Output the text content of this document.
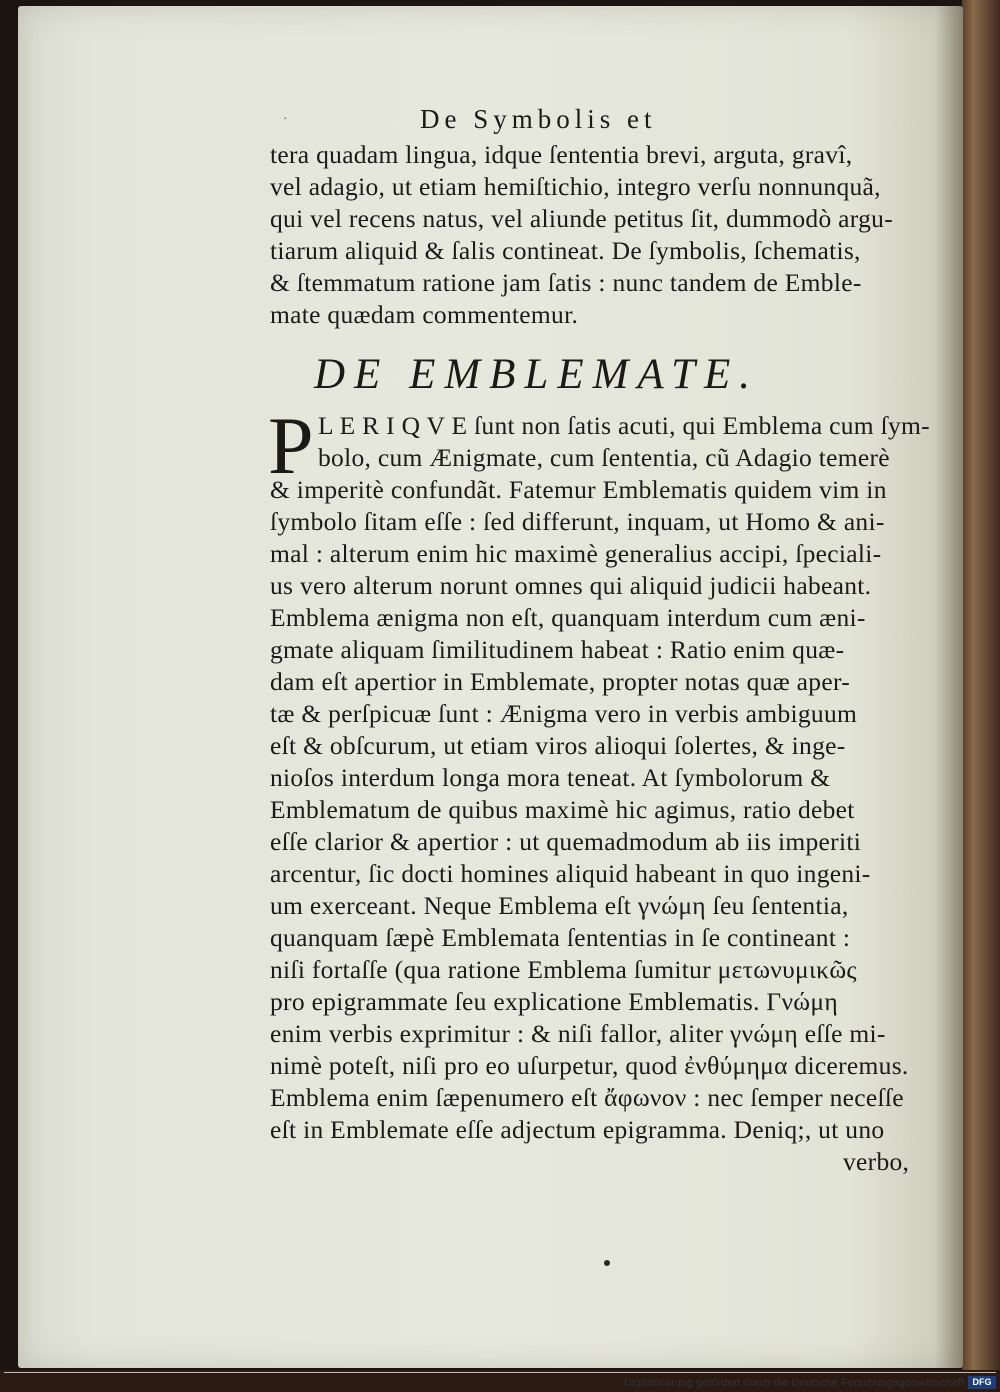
·	De Symbolis et
tera quadam lingua, idque ſententia brevi, arguta, gravî,
vel adagio, ut etiam hemiſtichio, integro verſu nonnunquã,
qui vel recens natus, vel aliunde petitus ſit, dummodò argu-
tiarum aliquid & ſalis contineat. De ſymbolis, ſchematis,
& ſtemmatum ratione jam ſatis : nunc tandem de Emble-
mate quædam commentemur.
DE EMBLEMATE.
P L E R I Q V E ſunt non ſatis acuti, qui Emblema cum ſym-
bolo, cum Ænigmate, cum ſententia, cũ Adagio temerè
& imperitè confundãt. Fatemur Emblematis quidem vim in
ſymbolo ſitam eſſe : ſed differunt, inquam, ut Homo & ani-
mal : alterum enim hic maximè generalius accipi, ſpeciali-
us vero alterum norunt omnes qui aliquid judicii habeant.
Emblema ænigma non eſt, quanquam interdum cum æni-
gmate aliquam ſimilitudinem habeat : Ratio enim quæ-
dam eſt apertior in Emblemate, propter notas quæ aper-
tæ & perſpicuæ ſunt : Ænigma vero in verbis ambiguum
eſt & obſcurum, ut etiam viros alioqui ſolertes, & inge-
nioſos interdum longa mora teneat. At ſymbolorum &
Emblematum de quibus maximè hic agimus, ratio debet
eſſe clarior & apertior : ut quemadmodum ab iis imperiti
arcentur, ſic docti homines aliquid habeant in quo ingeni-
um exerceant. Neque Emblema eſt γνώμη ſeu ſententia,
quanquam ſæpè Emblemata ſententias in ſe contineant :
niſi fortaſſe (qua ratione Emblema ſumitur μετωνυμικῶς
pro epigrammate ſeu explicatione Emblematis. Γνώμη
enim verbis exprimitur : & niſi fallor, aliter γνώμη eſſe mi-
nimè poteſt, niſi pro eo uſurpetur, quod ἐνθύμημα diceremus.
Emblema enim ſæpenumero eſt ἄφωνον : nec ſemper neceſſe
eſt in Emblemate eſſe adjectum epigramma. Deniq;, ut uno
verbo,
Digitalisierung gefördert durch die Deutsche Forschungsgemeinschaft DFG
